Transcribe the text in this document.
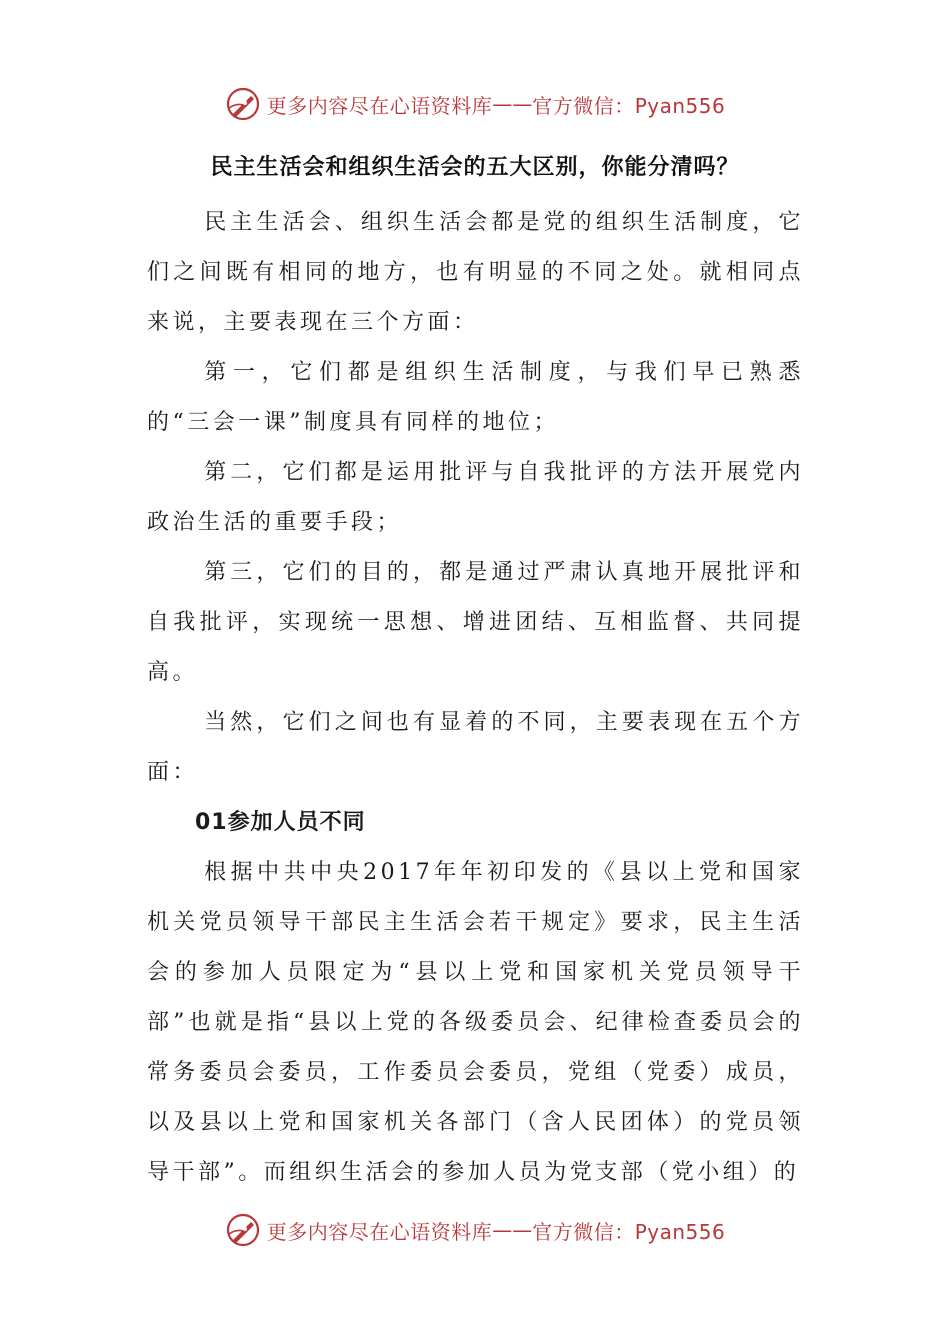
更多内容尽在心语资料库 —— 官方微信：Pyan556
民主生活会和组织生活会的五大区别，你能分清吗？

民主生活会、组织生活会都是党的组织生活制度，它们之间既有相同的地方，也有明显的不同之处。就相同点来说，主要表现在三个方面：

第一，它们都是组织生活制度，与我们早已熟悉的“三会一课”制度具有同样的地位；

第二，它们都是运用批评与自我批评的方法开展党内政治生活的重要手段；

第三，它们的目的，都是通过严肃认真地开展批评和自我批评，实现统一思想、增进团结、互相监督、共同提高。

当然，它们之间也有显着的不同，主要表现在五个方面：

01参加人员不同

根据中共中央2017年年初印发的《县以上党和国家机关党员领导干部民主生活会若干规定》要求，民主生活会的参加人员限定为“县以上党和国家机关党员领导干部”也就是指“县以上党的各级委员会、纪律检查委员会的常务委员会委员，工作委员会委员，党组（党委）成员，以及县以上党和国家机关各部门（含人民团体）的党员领导干部”。而组织生活会的参加人员为党支部（党小组）的

更多内容尽在心语资料库 —— 官方微信：Pyan556
